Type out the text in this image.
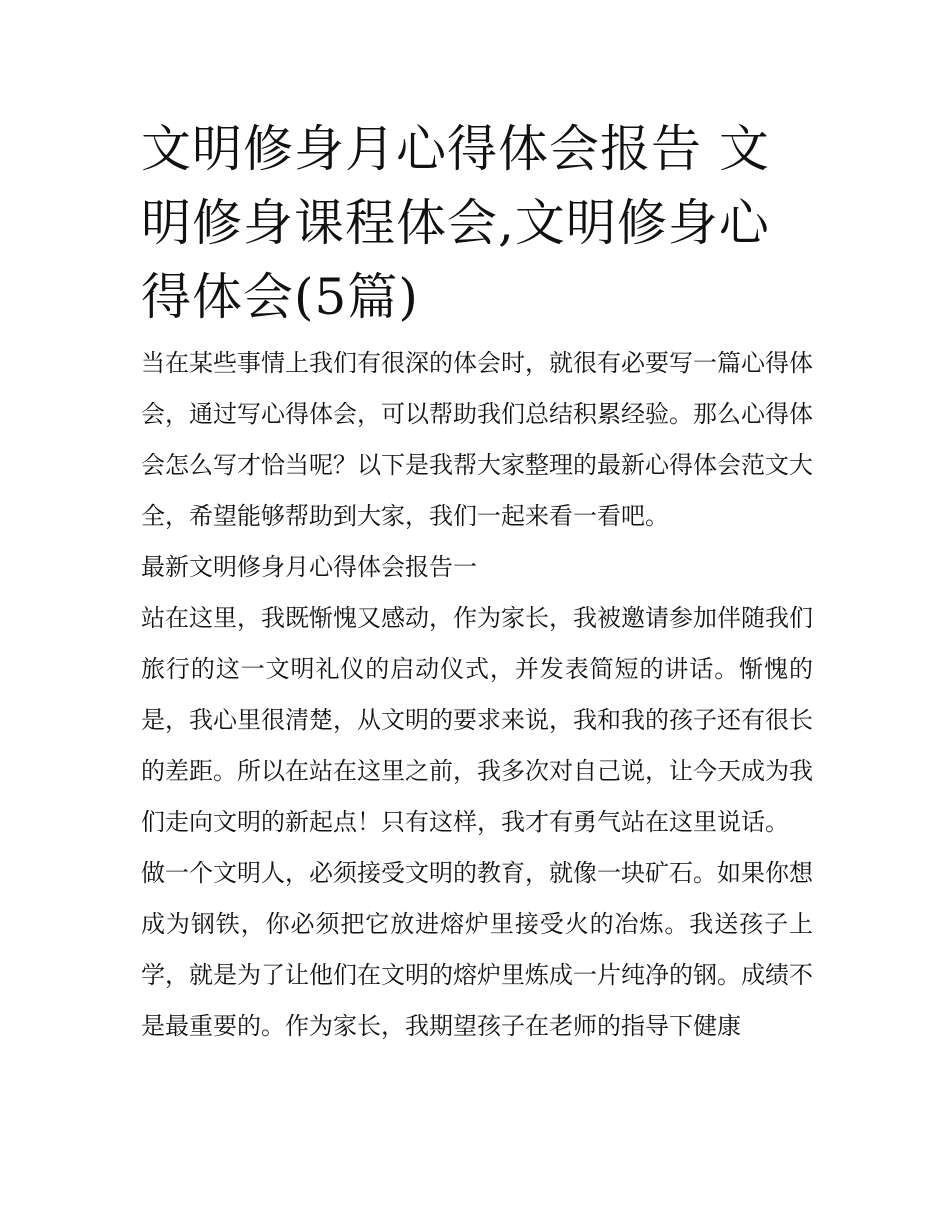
文明修身月心得体会报告 文明修身课程体会,文明修身心得体会(5篇)

当在某些事情上我们有很深的体会时，就很有必要写一篇心得体会，通过写心得体会，可以帮助我们总结积累经验。那么心得体会怎么写才恰当呢？以下是我帮大家整理的最新心得体会范文大全，希望能够帮助到大家，我们一起来看一看吧。

最新文明修身月心得体会报告一

站在这里，我既惭愧又感动，作为家长，我被邀请参加伴随我们旅行的这一文明礼仪的启动仪式，并发表简短的讲话。惭愧的是，我心里很清楚，从文明的要求来说，我和我的孩子还有很长的差距。所以在站在这里之前，我多次对自己说，让今天成为我们走向文明的新起点！只有这样，我才有勇气站在这里说话。

做一个文明人，必须接受文明的教育，就像一块矿石。如果你想成为钢铁，你必须把它放进熔炉里接受火的冶炼。我送孩子上学，就是为了让他们在文明的熔炉里炼成一片纯净的钢。成绩不是最重要的。作为家长，我期望孩子在老师的指导下健康
